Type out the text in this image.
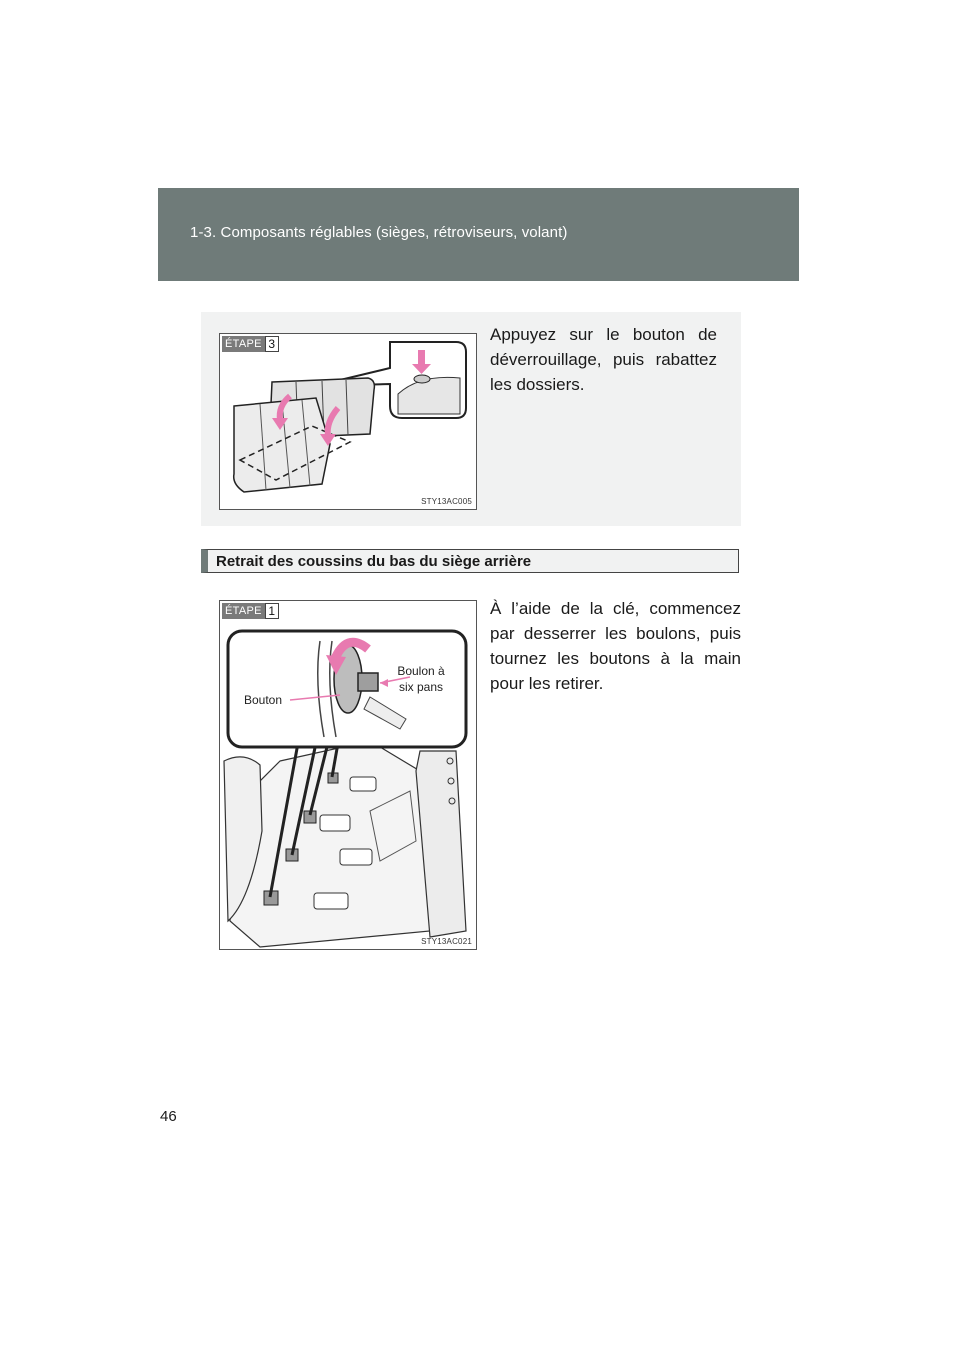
1-3. Composants réglables (sièges, rétroviseurs, volant)
ÉTAPE 3
STY13AC005
Appuyez sur le bouton de déverrouillage, puis rabattez les dossiers.
Retrait des coussins du bas du siège arrière
ÉTAPE 1
Bouton
Boulon à six pans
STY13AC021
À l’aide de la clé, commencez par desserrer les boulons, puis tournez les boutons à la main pour les retirer.
46
